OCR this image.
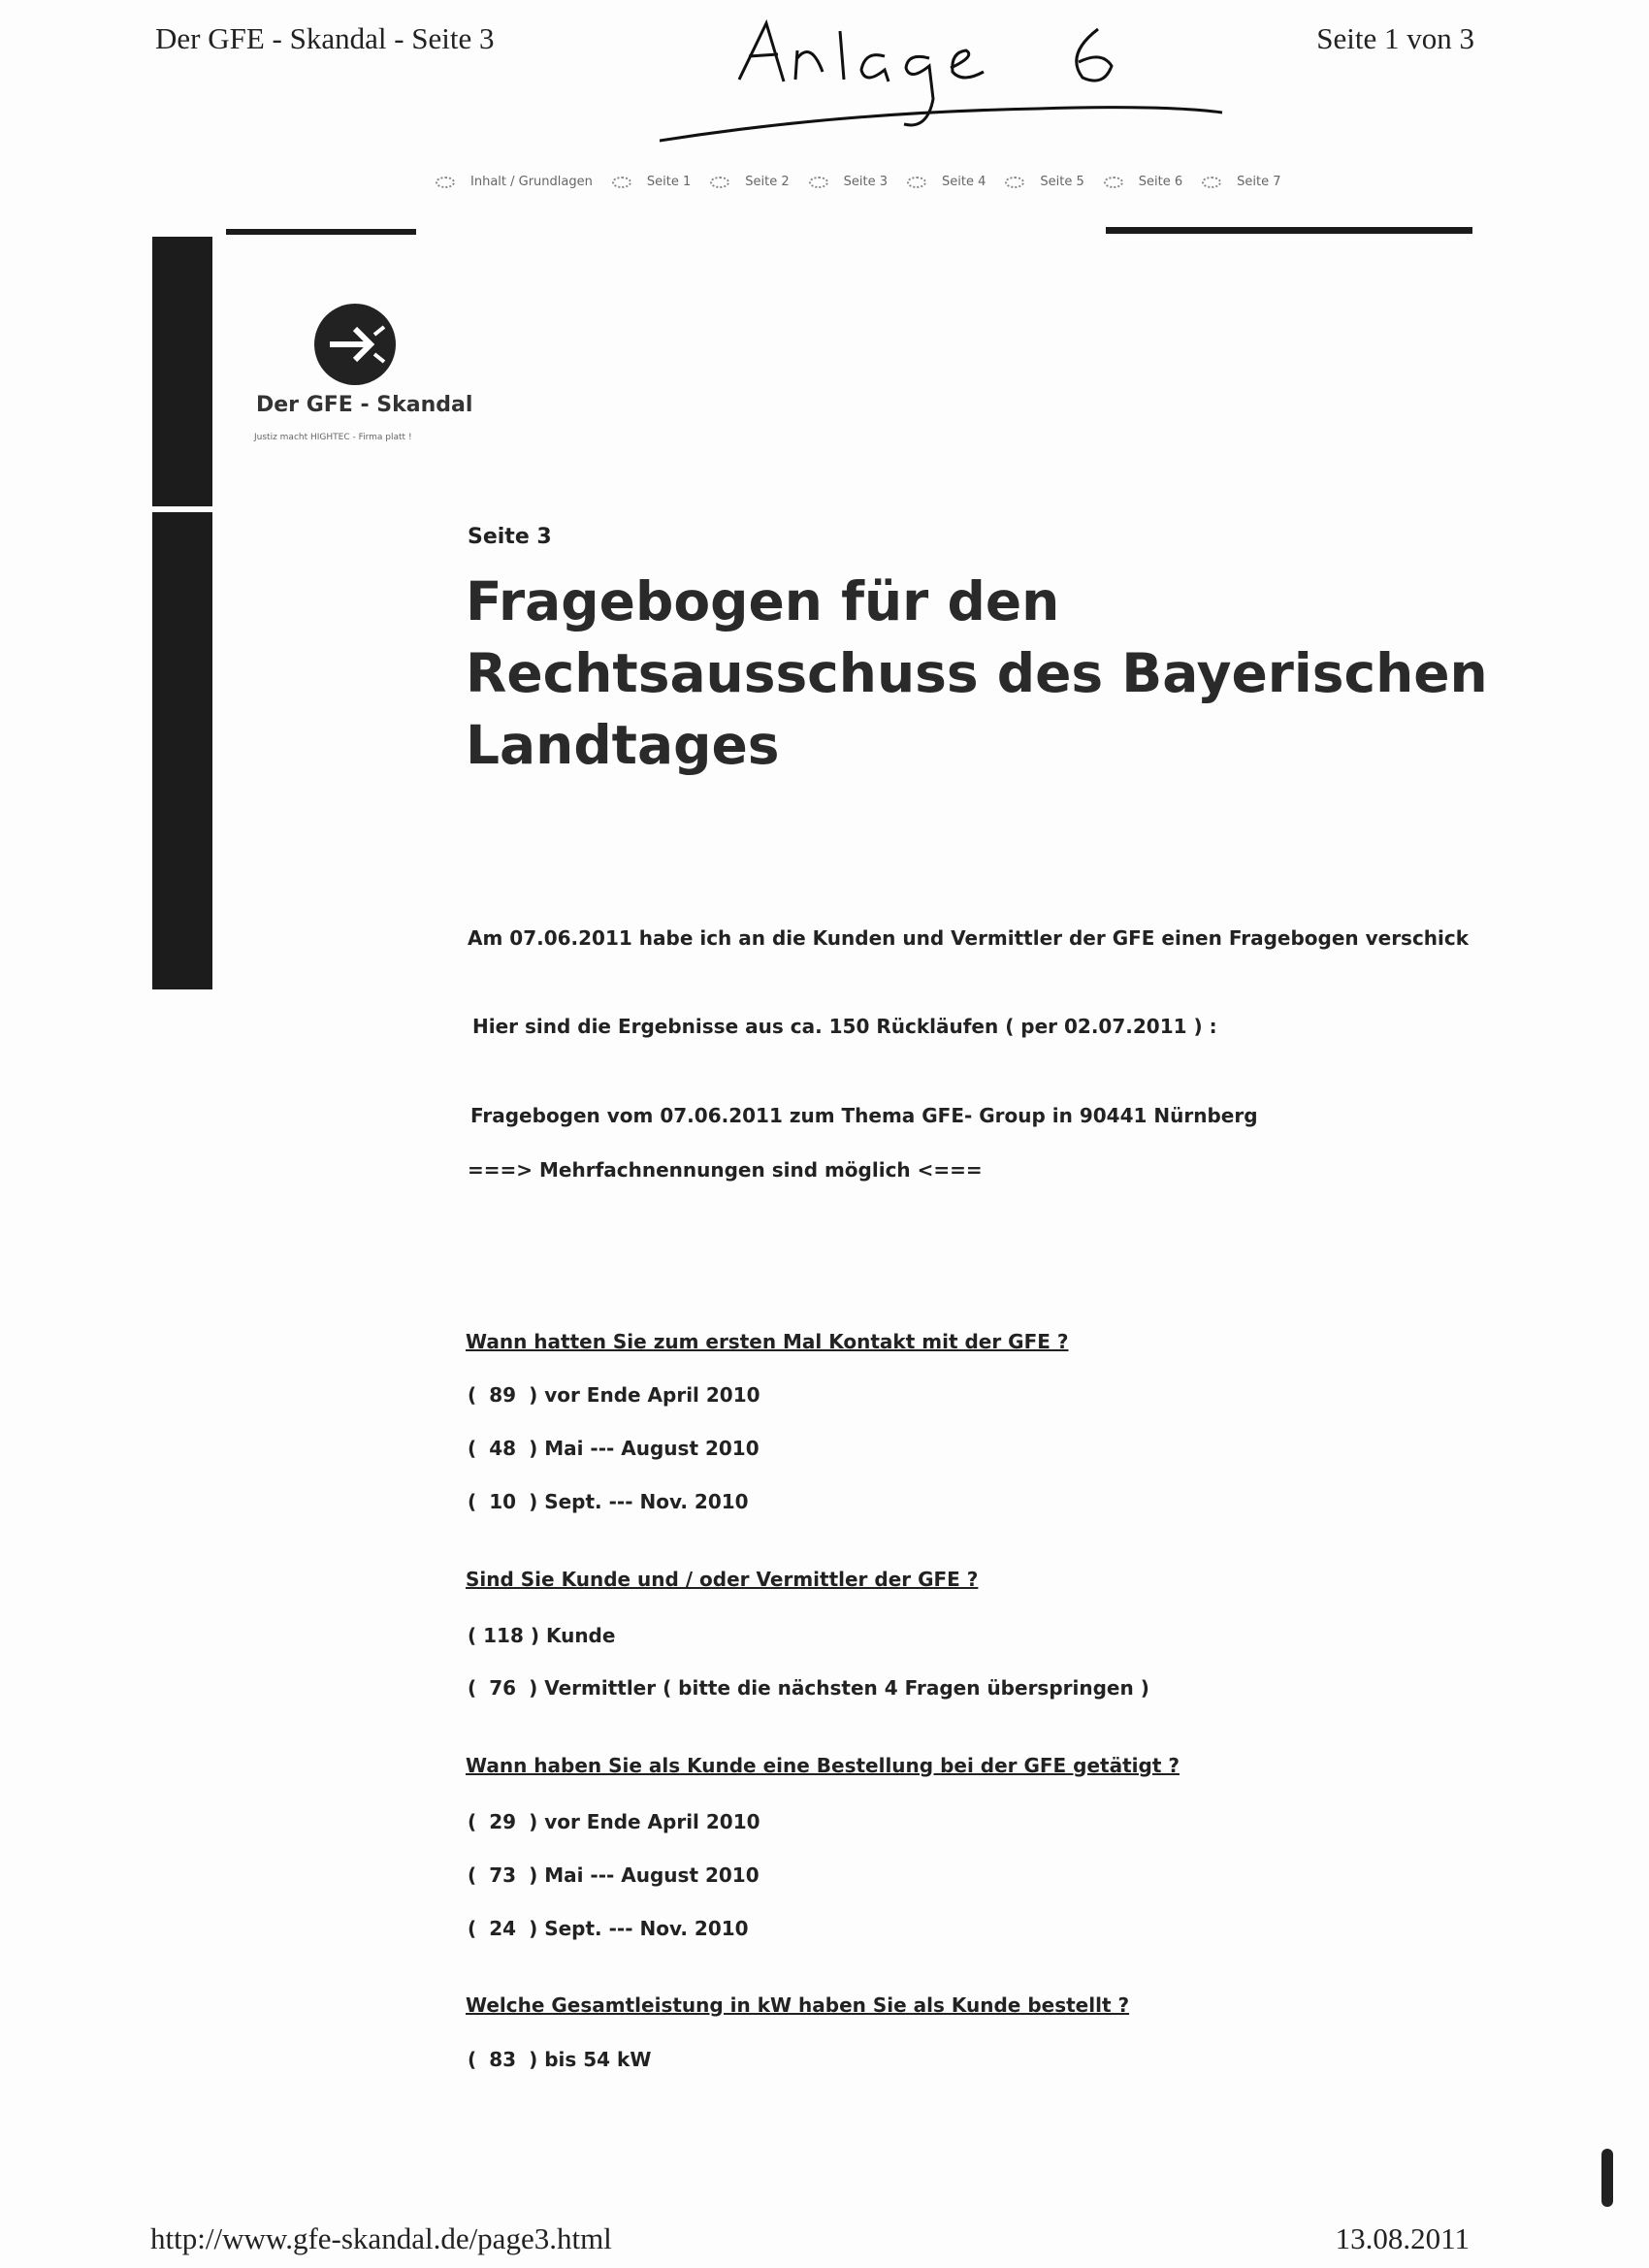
Der GFE - Skandal - Seite 3	Seite 1 von 3
Inhalt / Grundlagen	Seite 1	Seite 2	Seite 3	Seite 4	Seite 5	Seite 6	Seite 7
Der GFE - Skandal
Justiz macht HIGHTEC - Firma platt !
Seite 3
Fragebogen für den Rechtsausschuss des Bayerischen Landtages
Am 07.06.2011 habe ich an die Kunden und Vermittler der GFE einen Fragebogen verschick
Hier sind die Ergebnisse aus ca. 150 Rückläufen ( per 02.07.2011 ) :
Fragebogen vom 07.06.2011 zum Thema GFE- Group in 90441 Nürnberg
===> Mehrfachnennungen sind möglich <===
Wann hatten Sie zum ersten Mal Kontakt mit der GFE ?
( 89 ) vor Ende April 2010
( 48 ) Mai --- August 2010
( 10 ) Sept. --- Nov. 2010
Sind Sie Kunde und / oder Vermittler der GFE ?
( 118 ) Kunde
( 76 ) Vermittler ( bitte die nächsten 4 Fragen überspringen )
Wann haben Sie als Kunde eine Bestellung bei der GFE getätigt ?
( 29 ) vor Ende April 2010
( 73 ) Mai --- August 2010
( 24 ) Sept. --- Nov. 2010
Welche Gesamtleistung in kW haben Sie als Kunde bestellt ?
( 83 ) bis 54 kW
http://www.gfe-skandal.de/page3.html	13.08.2011
